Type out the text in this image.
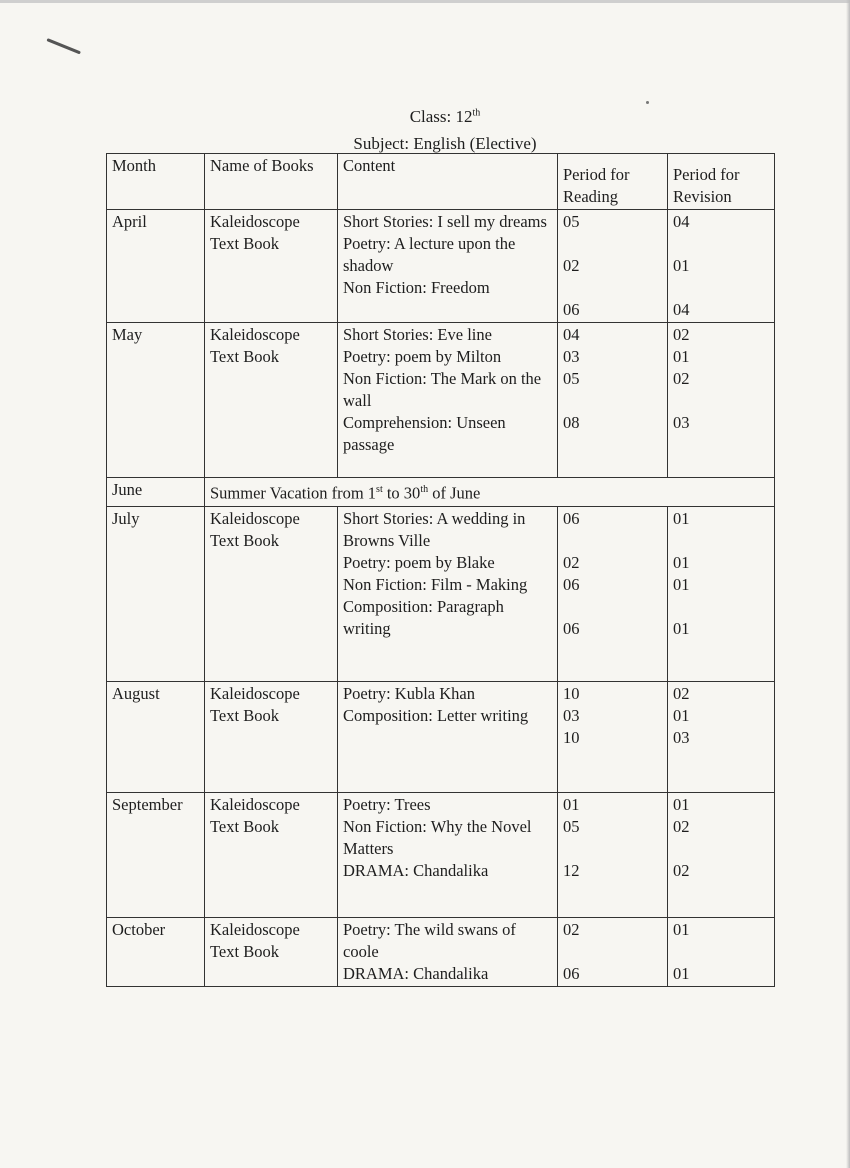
Class: 12th
Subject: English (Elective)
Month	Name of Books	Content	Period for Reading	Period for Revision
April	Kaleidoscope Text Book	Short Stories: I sell my dreams
Poetry: A lecture upon the shadow
Non Fiction: Freedom	05
02
06	04
01
04

May	Kaleidoscope Text Book	Short Stories: Eve line
Poetry: poem by Milton
Non Fiction: The Mark on the wall
Comprehension: Unseen passage	04
03
05
08	02
01
02
03

June	Summer Vacation from 1st to 30th of June			
July	Kaleidoscope Text Book	Short Stories: A wedding in Browns Ville
Poetry: poem by Blake
Non Fiction: Film - Making
Composition: Paragraph writing	06
02
06
06	01
01
01
01

August	Kaleidoscope Text Book	Poetry: Kubla Khan
Composition: Letter writing	10
03
10	02
01
03

September	Kaleidoscope Text Book	Poetry: Trees
Non Fiction: Why the Novel Matters
DRAMA: Chandalika	01
05
12	01
02
02

October	Kaleidoscope Text Book	Poetry: The wild swans of coole
DRAMA: Chandalika	02
06	01
01
